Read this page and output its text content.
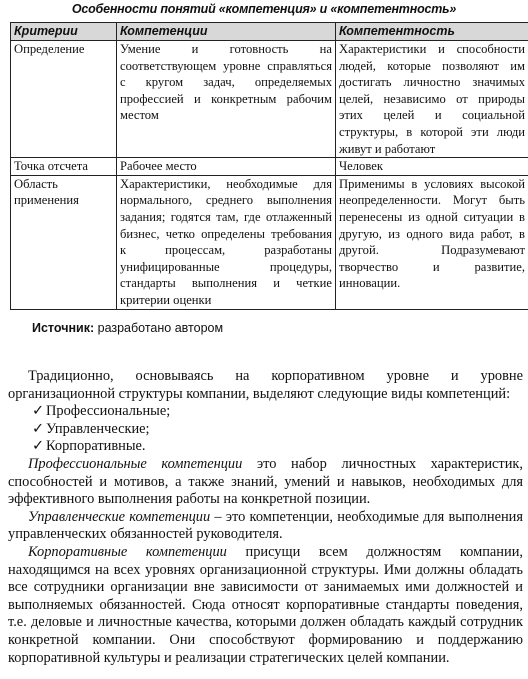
Особенности понятий «компетенция» и «компетентность»
Критерии	Компетенции	Компетентность
Определение	Умение и готовность на соответствующем уровне справляться с кругом задач, определяемых профессией и конкретным рабочим местом	Характеристики и способности людей, которые позволяют им достигать личностно значимых целей, независимо от природы этих целей и социальной структуры, в которой эти люди живут и работают
Точка отсчета	Рабочее место	Человек
Область применения	Характеристики, необходимые для нормального, среднего выполнения задания; годятся там, где отлаженный бизнес, четко определены требования к процессам, разработаны унифицированные процедуры, стандарты выполнения и четкие критерии оценки	Применимы в условиях высокой неопределенности. Могут быть перенесены из одной ситуации в другую, из одного вида работ, в другой. Подразумевают творчество и развитие, инновации.
Источник: разработано автором

Традиционно, основываясь на корпоративном уровне и уровне организационной структуры компании, выделяют следующие виды компетенций:

✓ Профессиональные;

✓ Управленческие;

✓ Корпоративные.

Профессиональные компетенции это набор личностных характеристик, способностей и мотивов, а также знаний, умений и навыков, необходимых для эффективного выполнения работы на конкретной позиции.

Управленческие компетенции – это компетенции, необходимые для выполнения управленческих обязанностей руководителя.

Корпоративные компетенции присущи всем должностям компании, находящимся на всех уровнях организационной структуры. Ими должны обладать все сотрудники организации вне зависимости от занимаемых ими должностей и выполняемых обязанностей. Сюда относят корпоративные стандарты поведения, т.е. деловые и личностные качества, которыми должен обладать каждый сотрудник конкретной компании. Они способствуют формированию и поддержанию корпоративной культуры и реализации стратегических целей компании.
